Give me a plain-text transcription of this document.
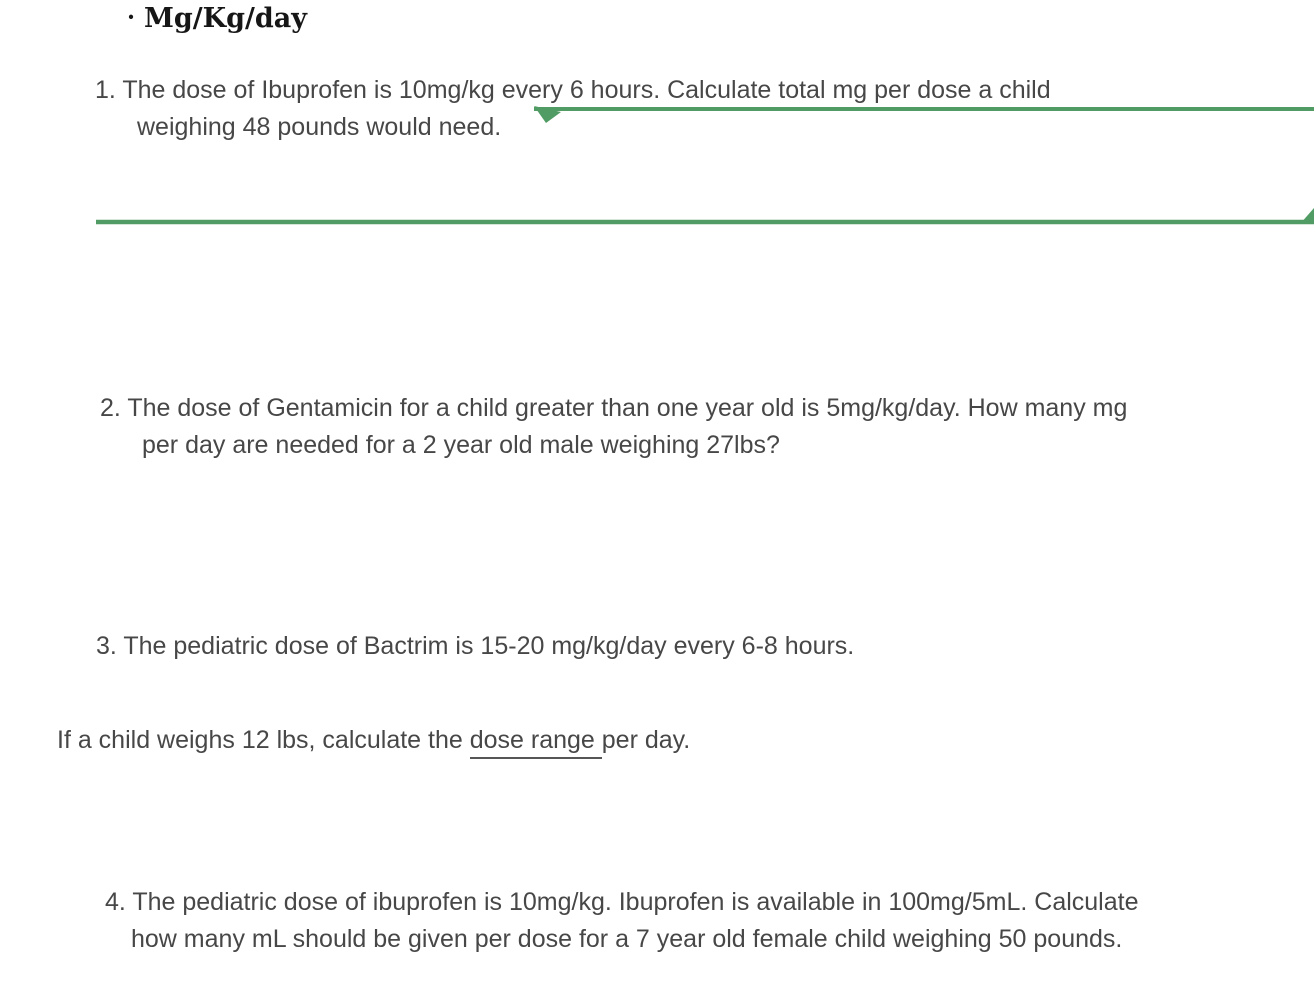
· Mg/Kg/day
1. The dose of Ibuprofen is 10mg/kg every 6 hours. Calculate total mg per dose a child
weighing 48 pounds would need.
2. The dose of Gentamicin for a child greater than one year old is 5mg/kg/day. How many mg
per day are needed for a 2 year old male weighing 27lbs?
3. The pediatric dose of Bactrim is 15-20 mg/kg/day every 6-8 hours.
If a child weighs 12 lbs, calculate the dose range per day.
4. The pediatric dose of ibuprofen is 10mg/kg. Ibuprofen is available in 100mg/5mL. Calculate
how many mL should be given per dose for a 7 year old female child weighing 50 pounds.
